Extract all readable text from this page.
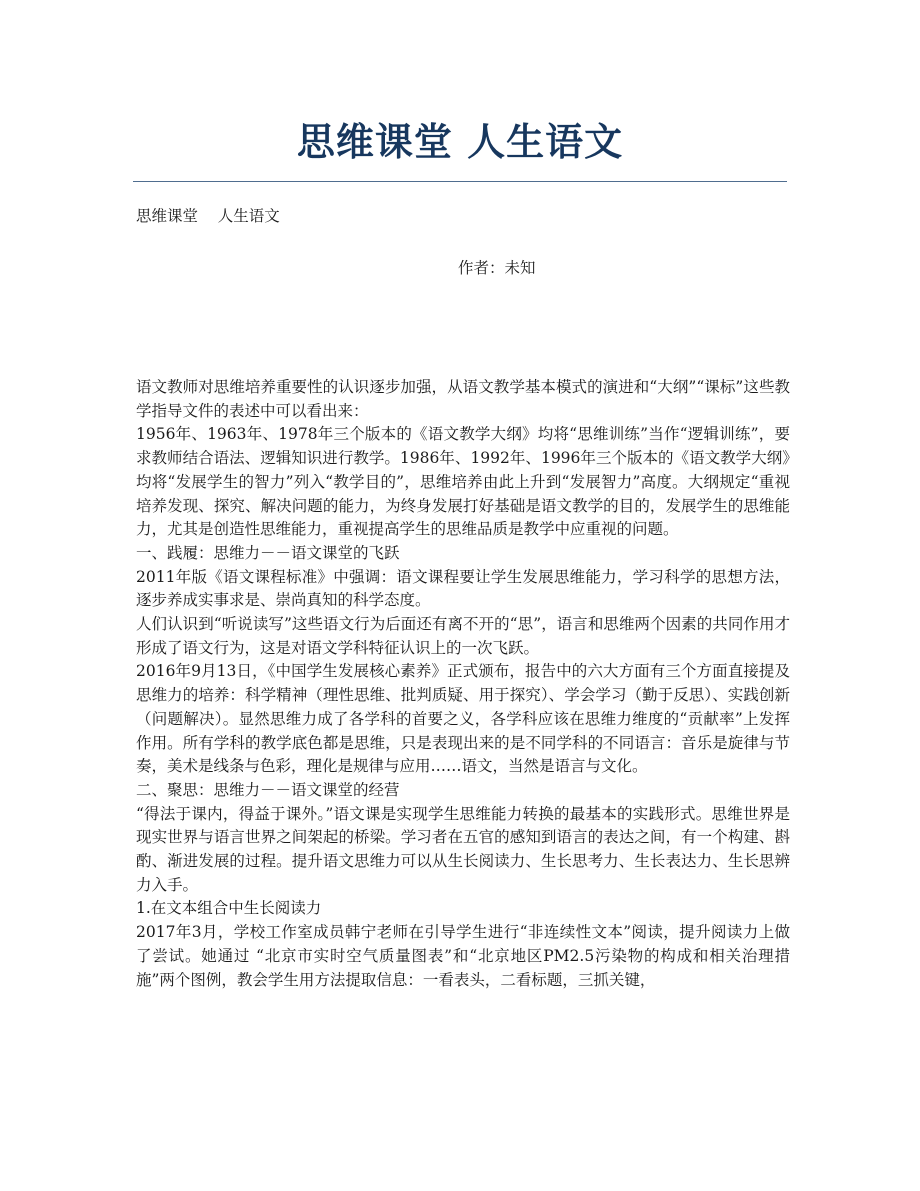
思维课堂 人生语文
思维课堂    人生语文
作者：未知

语文教师对思维培养重要性的认识逐步加强，从语文教学基本模式的演进和“大纲”“课标”这些教学指导文件的表述中可以看出来：

1956年、1963年、1978年三个版本的《语文教学大纲》均将“思维训练”当作“逻辑训练”，要求教师结合语法、逻辑知识进行教学。1986年、1992年、1996年三个版本的《语文教学大纲》均将“发展学生的智力”列入“教学目的”，思维培养由此上升到“发展智力”高度。大纲规定“重视培养发现、探究、解决问题的能力，为终身发展打好基础是语文教学的目的，发展学生的思维能力，尤其是创造性思维能力，重视提高学生的思维品质是教学中应重视的问题。

一、践履：思维力－－语文课堂的飞跃

2011年版《语文课程标准》中强调：语文课程要让学生发展思维能力，学习科学的思想方法，逐步养成实事求是、崇尚真知的科学态度。

人们认识到“听说读写”这些语文行为后面还有离不开的“思”，语言和思维两个因素的共同作用才形成了语文行为，这是对语文学科特征认识上的一次飞跃。

2016年9月13日，《中国学生发展核心素养》正式颁布，报告中的六大方面有三个方面直接提及思维力的培养：科学精神（理性思维、批判质疑、用于探究）、学会学习（勤于反思）、实践创新（问题解决）。显然思维力成了各学科的首要之义，各学科应该在思维力维度的“贡献率”上发挥作用。所有学科的教学底色都是思维，只是表现出来的是不同学科的不同语言：音乐是旋律与节奏，美术是线条与色彩，理化是规律与应用……语文，当然是语言与文化。

二、聚思：思维力－－语文课堂的经营

“得法于课内，得益于课外。”语文课是实现学生思维能力转换的最基本的实践形式。思维世界是现实世界与语言世界之间架起的桥梁。学习者在五官的感知到语言的表达之间，有一个构建、斟酌、渐进发展的过程。提升语文思维力可以从生长阅读力、生长思考力、生长表达力、生长思辨力入手。

1.在文本组合中生长阅读力

2017年3月，学校工作室成员韩宁老师在引导学生进行“非连续性文本”阅读，提升阅读力上做了尝试。她通过 “北京市实时空气质量图表”和“北京地区PM2.5污染物的构成和相关治理措施”两个图例，教会学生用方法提取信息：一看表头，二看标题，三抓关键，
